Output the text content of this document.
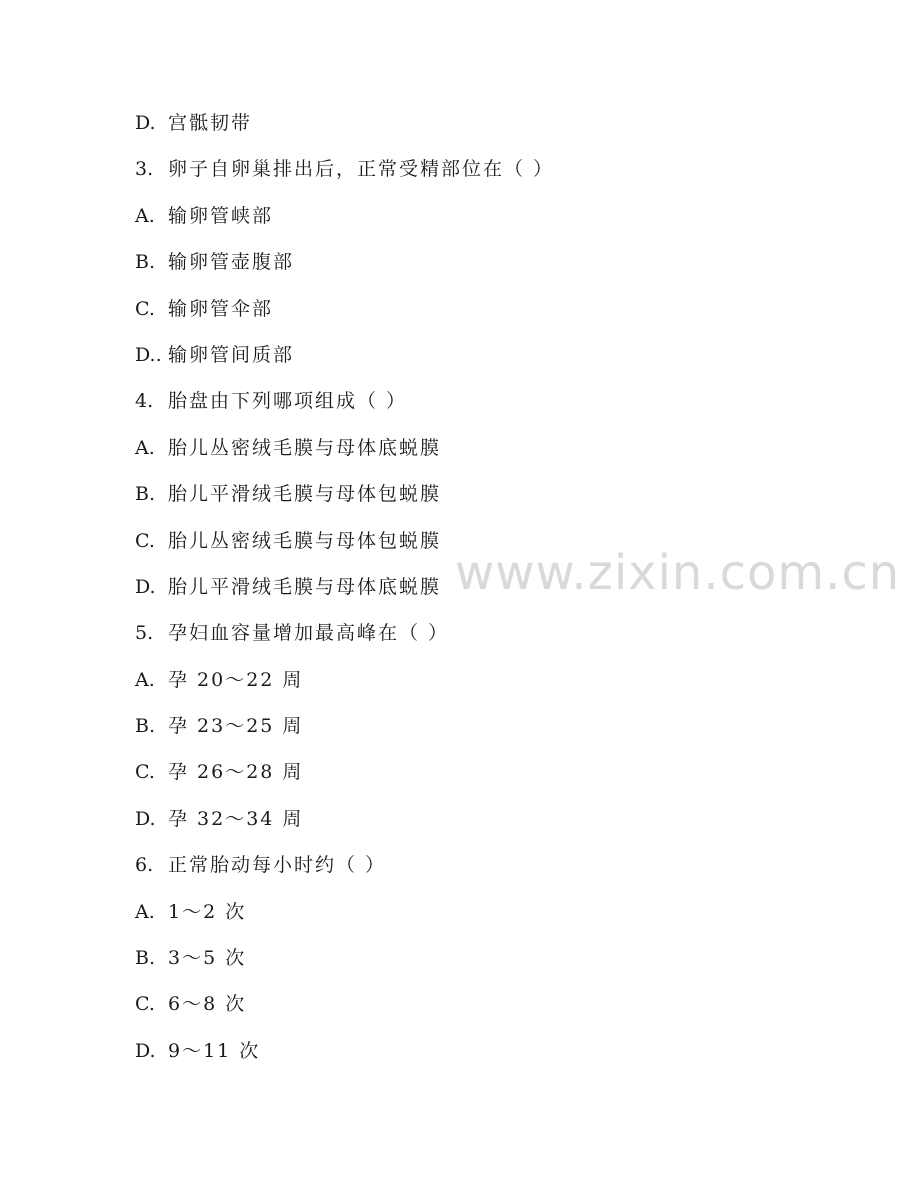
D. 宫骶韧带
3. 卵子自卵巢排出后，正常受精部位在（ ）
A. 输卵管峡部
B. 输卵管壶腹部
C. 输卵管伞部
D.. 输卵管间质部
4. 胎盘由下列哪项组成（ ）
A. 胎儿丛密绒毛膜与母体底蜕膜
B. 胎儿平滑绒毛膜与母体包蜕膜
C. 胎儿丛密绒毛膜与母体包蜕膜
D. 胎儿平滑绒毛膜与母体底蜕膜
5. 孕妇血容量增加最高峰在（ ）
A. 孕 20～22 周
B. 孕 23～25 周
C. 孕 26～28 周
D. 孕 32～34 周
6. 正常胎动每小时约（ ）
A. 1～2 次
B. 3～5 次
C. 6～8 次
D. 9～11 次
www.zixin.com.cn
